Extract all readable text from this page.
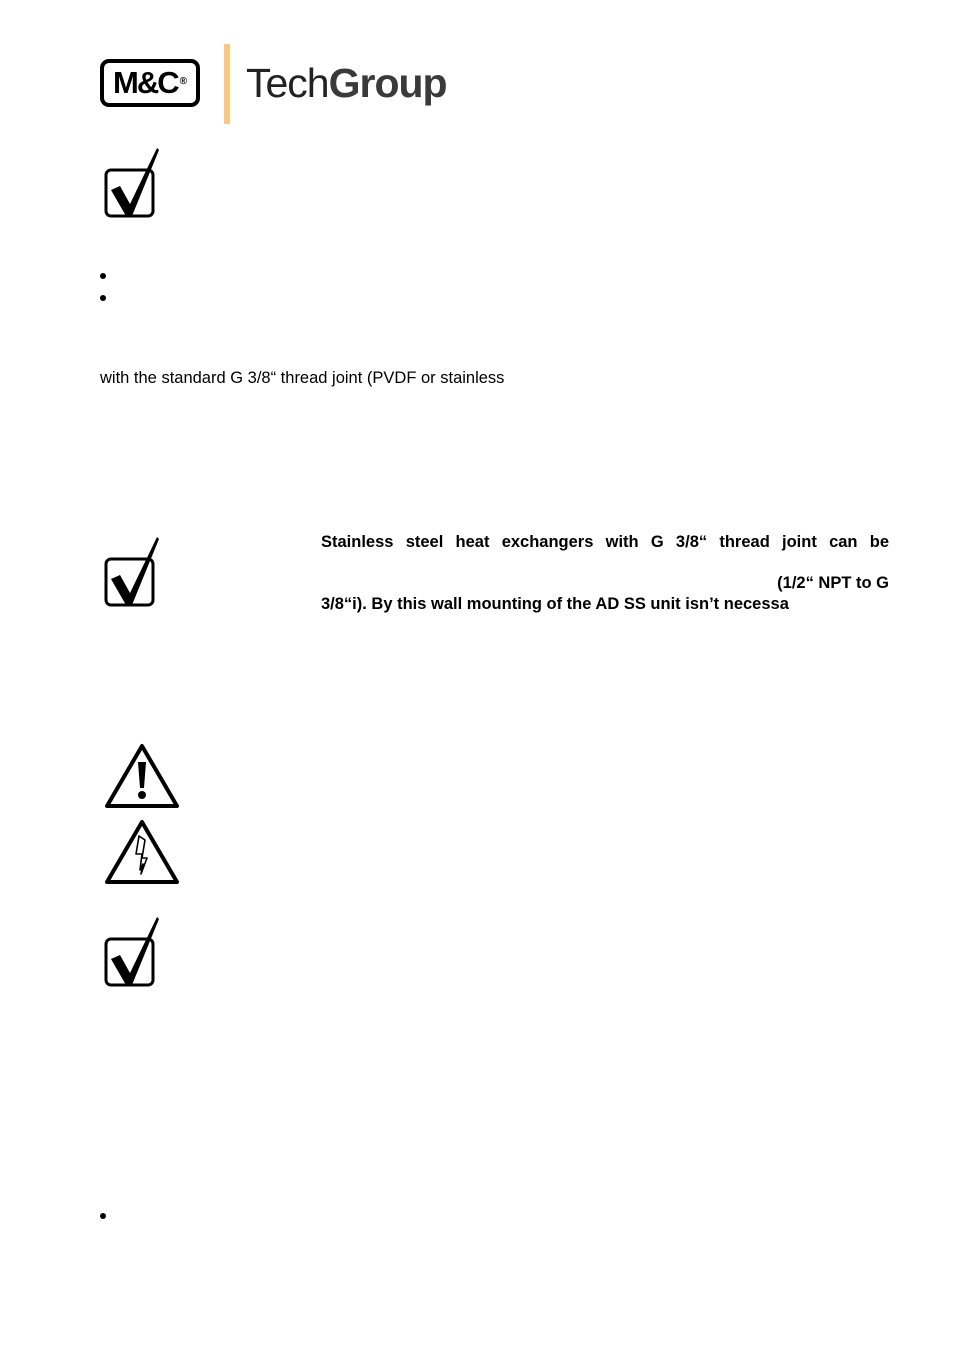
M&C® TechGroup
with the standard G 3/8“ thread joint (PVDF or stainless
Stainless steel heat exchangers with G 3/8“ thread joint can be
(1/2“ NPT to G
3/8“i). By this wall mounting of the AD SS unit isn’t necessa
